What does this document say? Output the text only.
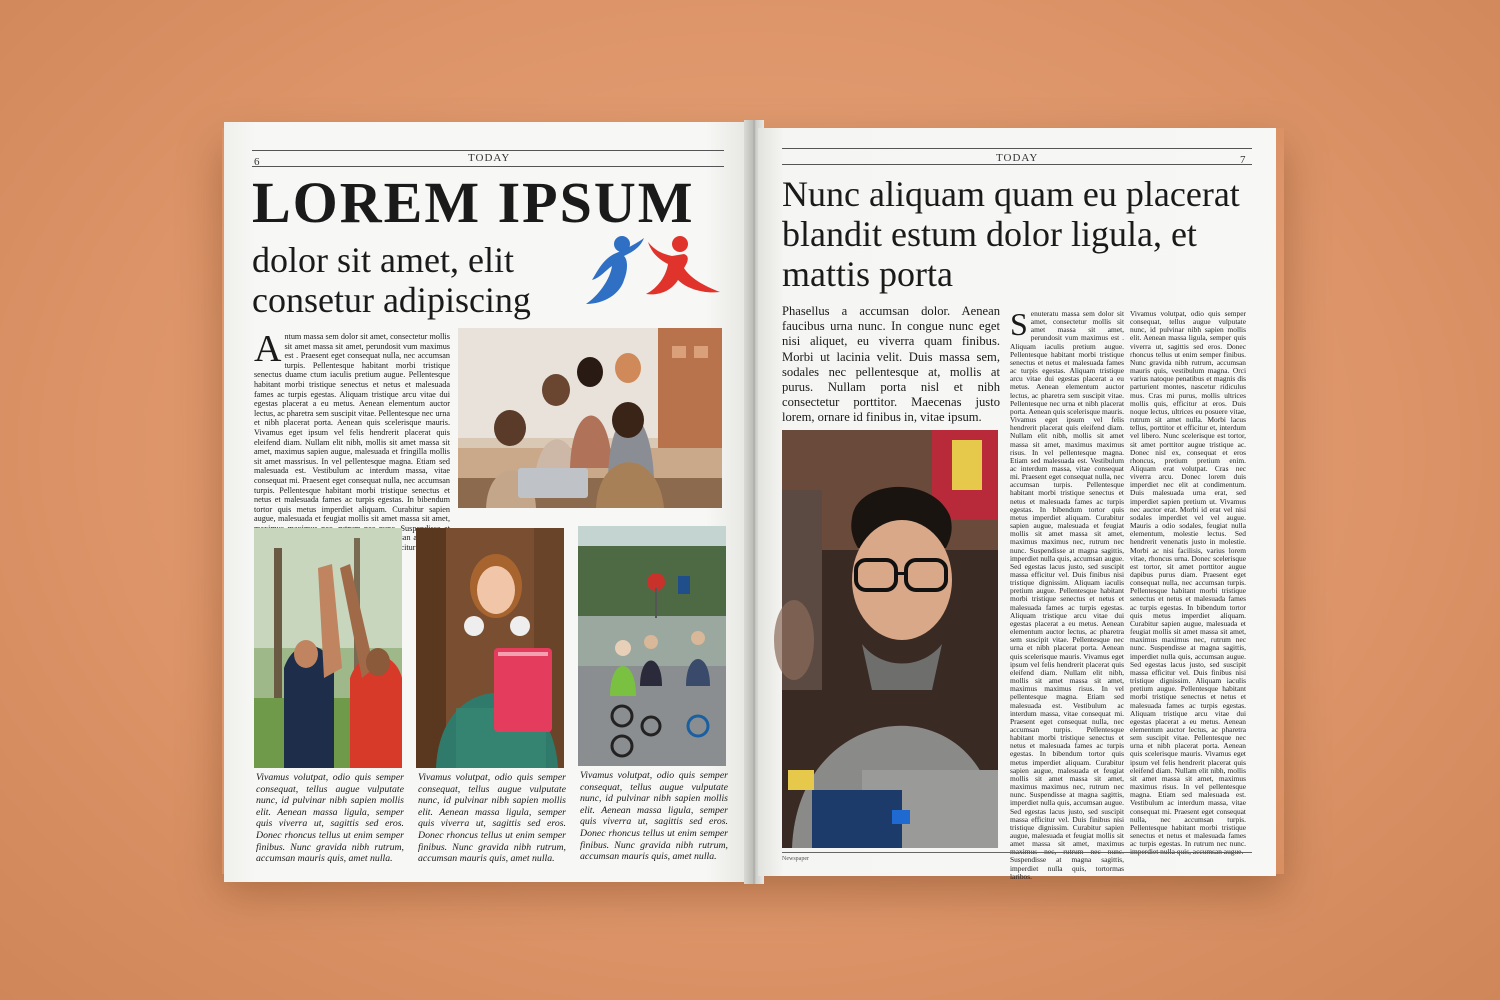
6	TODAY
LOREM IPSUM
dolor sit amet, elit consetur adipiscing
A ntum massa sem dolor sit amet, consectetur mollis sit amet massa sit amet, perundosit vum maximus est . Praesent eget consequat nulla, nec accumsan turpis. Pellentesque habitant morbi tristique senectus duame ctum iaculis pretium augue. Pellentesque habitant morbi tristique senectus et netus et malesuada fames ac turpis egestas. Aliquam tristique arcu vitae dui egestas placerat a eu metus. Aenean elementum auctor lectus, ac pharetra sem suscipit vitae. Pellentesque nec urna et nibh placerat porta. Aenean quis scelerisque mauris. Vivamus eget ipsum vel felis hendrerit placerat quis eleifend diam. Nullam elit nibh, mollis sit amet massa sit amet, maximus sapien augue, malesuada et fringilla mollis sit amet massrisus. In vel pellentesque magna. Etiam sed malesuada est. Vestibulum ac interdum massa, vitae consequat mi. Praesent eget consequat nulla, nec accumsan turpis. Pellentesque habitant morbi tristique senectus et netus et malesuada fames ac turpis egestas. In bibendum tortor quis metus imperdiet aliquam. Curabitur sapien augue, malesuada et feugiat mollis sit amet massa sit amet, efficitur
Vivamus volutpat, odio quis semper consequat, tellus augue vulputate nunc, id pulvinar nibh sapien mollis elit. Aenean massa ligula, semper quis viverra ut, sagittis sed eros. Donec rhoncus tellus ut enim semper finibus. Nunc gravida nibh rutrum, accumsan mauris quis, amet nulla.
Vivamus volutpat, odio quis semper consequat, tellus augue vulputate nunc, id pulvinar nibh sapien mollis elit. Aenean massa ligula, semper quis viverra ut, sagittis sed eros. Donec rhoncus tellus ut enim semper finibus. Nunc gravida nibh rutrum, accumsan mauris quis, amet nulla.
Vivamus volutpat, odio quis semper consequat, tellus augue vulputate nunc, id pulvinar nibh sapien mollis elit. Aenean massa ligula, semper quis viverra ut, sagittis sed eros. Donec rhoncus tellus ut enim semper finibus. Nunc gravida nibh rutrum, accumsan mauris quis, amet nulla.
TODAY	7
Nunc aliquam quam eu placerat blandit estum dolor ligula, et mattis porta
Phasellus a accumsan dolor. Aenean faucibus urna nunc. In congue nunc eget nisi aliquet, eu viverra quam finibus. Morbi ut lacinia velit. Duis massa sem, sodales nec pellentesque at, mollis at purus. Nullam porta nisl et nibh consectetur porttitor. Maecenas justo lorem, ornare id finibus in, vitae ipsum.
S enuteratu massa sem dolor sit amet, consectetur mollis sit amet massa sit amet, perundosit vum maximus est . Aliquam iaculis pretium augue. Pellentesque habitant morbi tristique senectus et netus et malesuada fames ac turpis egestas. Aliquam tristique arcu vitae dui egestas placerat a eu metus. Aenean elementum auctor lectus, ac pharetra sem suscipit vitae. Pellentesque nec urna et nibh placerat porta. Aenean quis scelerisque mauris. Vivamus eget ipsum vel felis hendrerit placerat quis eleifend diam. Nullam elit nibh, mollis sit amet massa sit amet, maximus maximus risus. In vel pellentesque magna. Etiam sed malesuada est. Vestibulum ac interdum massa, vitae consequat mi. Praesent eget consequat nulla, nec accumsan turpis. Pellentesque habitant morbi tristique senectus et netus et malesuada fames ac turpis egestas. In bibendum tortor quis metus imperdiet aliquam. Curabitur sapien augue, malesuada et feugiat mollis sit amet massa sit amet, maximus maximus nec, rutrum nec nunc. Suspendisse at magna sagittis, imperdiet nulla quis, accumsan augue. Sed egestas lacus justo, sed suscipit massa efficitur vel. Duis finibus nisi tristique dignissim. Aliquam iaculis pretium augue. Pellentesque habitant morbi tristique senectus et netus et malesuada fames ac turpis egestas. Aliquam tristique arcu vitae dui egestas placerat a eu metus. Aenean elementum auctor lectus, ac pharetra sem suscipit vitae. Pellentesque nec urna et nibh placerat porta. Aenean quis scelerisque mauris. Vivamus eget ipsum vel felis hendrerit placerat quis eleifend diam. Nullam elit nibh, mollis sit amet massa sit amet, maximus maximus risus. In vel pellentesque magna. Etiam sed malesuada est. Vestibulum ac interdum massa, vitae consequat mi. Praesent eget consequat nulla, nec accumsan turpis. Pellentesque habitant morbi tristique senectus et netus et malesuada fames ac turpis egestas. In bibendum tortor quis metus imperdiet aliquam. Curabitur sapien augue, malesuada et feugiat mollis sit amet massa sit amet, maximus maximus nec, rutrum nec nunc. Suspendisse at magna sagittis, imperdiet nulla quis, accumsan augue. Sed egestas lacus justo, sed suscipit massa efficitur vel. Duis finibus nisi tristique dignissim. Curabitur sapien augue, malesuada et feugiat mollis sit amet massa sit amet, maximus maximus nec, rutrum nec nunc. Suspendisse at magna sagittis, imperdiet nulla quis, tortormas laribos.
Vivamus volutpat, odio quis semper consequat, tellus augue vulputate nunc, id pulvinar nibh sapien mollis elit. Aenean massa ligula, semper quis viverra ut, sagittis sed eros. Donec rhoncus tellus ut enim semper finibus. Nunc gravida nibh rutrum, accumsan mauris quis, vestibulum magna. Orci varius natoque penatibus et magnis dis parturient montes, nascetur ridiculus mus. Cras mi purus, mollis ultrices mollis quis, efficitur at eros. Duis noque lectus, ultrices eu posuere vitae, rutrum sit amet nulla. Morbi lacus tellus, porttitor et efficitur et, interdum vel libero. Nunc scelerisque est tortor, sit amet porttitor augue tristique ac. Donec nisl ex, consequat et eros rhoncus, pretium pretium enim. Aliquam erat volutpat. Cras nec viverra arcu. Donec lorem duis imperdiet nec elit at condimentum. Duis malesuada urna erat, sed imperdiet sapien pretium ut. Vivamus nec auctor erat. Morbi id erat vel nisi sodales imperdiet vel vel augue. Mauris a odio sodales, feugiat nulla elementum, molestie lectus. Sed hendrerit venenatis justo in molestie. Morbi ac nisi facilisis, varius lorem vitae, rhoncus urna. Donec scelerisque est tortor, sit amet porttitor augue dapibus purus diam. Praesent eget consequat nulla, nec accumsan turpis. Pellentesque habitant morbi tristique senectus et netus et malesuada fames ac turpis egestas. In bibendum tortor quis metus imperdiet aliquam. Curabitur sapien augue, malesuada et feugiat mollis sit amet massa sit amet, maximus maximus nec, rutrum nec nunc. Suspendisse at magna sagittis, imperdiet nulla quis, accumsan augue. Sed egestas lacus justo, sed suscipit massa efficitur vel. Duis finibus nisi tristique dignissim. Aliquam iaculis pretium augue. Pellentesque habitant morbi tristique senectus et netus et malesuada fames ac turpis egestas. Aliquam tristique arcu vitae dui egestas placerat a eu metus. Aenean elementum auctor lectus, ac pharetra sem suscipit vitae. Pellentesque nec urna et nibh placerat porta. Aenean quis scelerisque mauris. Vivamus eget ipsum vel felis hendrerit placerat quis eleifend diam. Nullam elit nibh, mollis sit amet massa sit amet, maximus maximus risus. In vel pellentesque magna. Etiam sed malesuada est. Vestibulum ac interdum massa, vitae consequat mi. Praesent eget consequat nulla, nec accumsan turpis. Pellentesque habitant morbi tristique senectus et netus et malesuada fames ac turpis egestas. In rutrum nec nunc. imperdiet nulla quis, accumsan augue.
Newspaper
